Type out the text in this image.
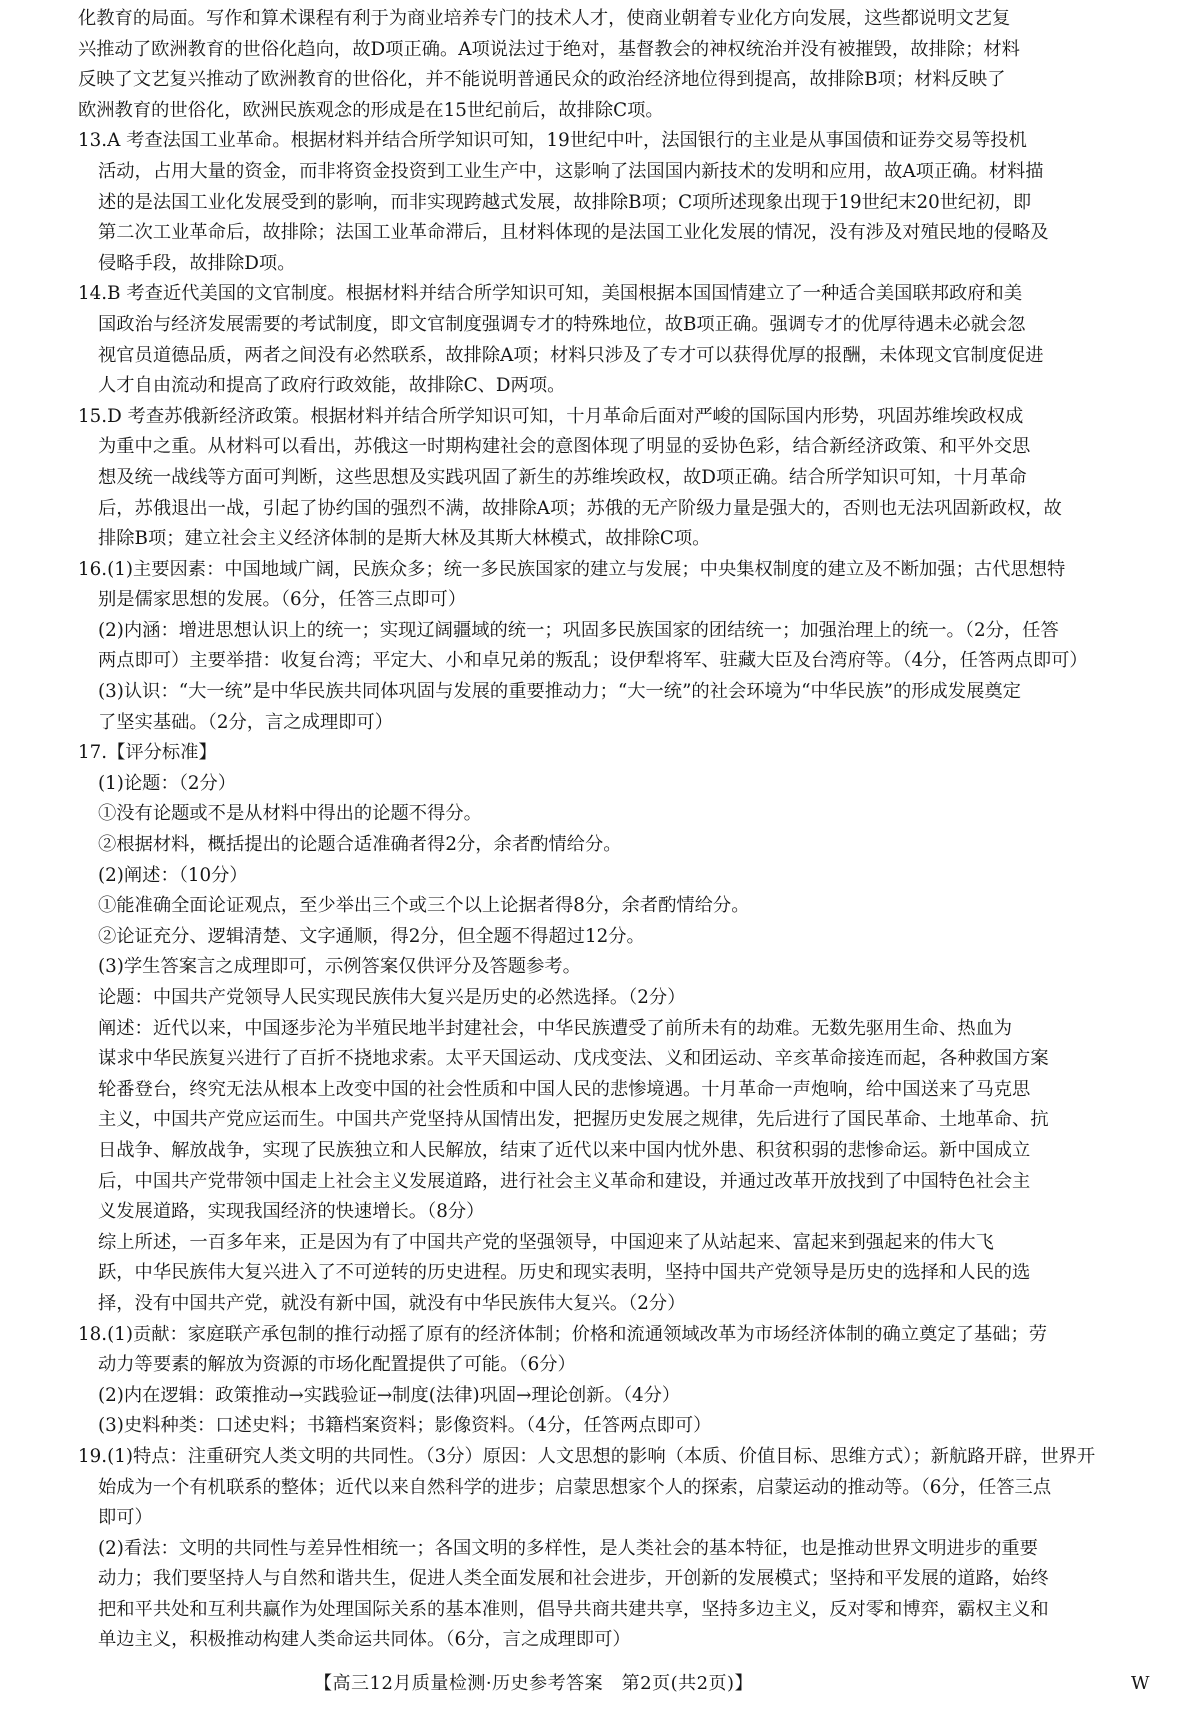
化教育的局面。写作和算术课程有利于为商业培养专门的技术人才，使商业朝着专业化方向发展，这些都说明文艺复
兴推动了欧洲教育的世俗化趋向，故D项正确。A项说法过于绝对，基督教会的神权统治并没有被摧毁，故排除；材料
反映了文艺复兴推动了欧洲教育的世俗化，并不能说明普通民众的政治经济地位得到提高，故排除B项；材料反映了
欧洲教育的世俗化，欧洲民族观念的形成是在15世纪前后，故排除C项。
13.A 考查法国工业革命。根据材料并结合所学知识可知，19世纪中叶，法国银行的主业是从事国债和证券交易等投机
活动，占用大量的资金，而非将资金投资到工业生产中，这影响了法国国内新技术的发明和应用，故A项正确。材料描
述的是法国工业化发展受到的影响，而非实现跨越式发展，故排除B项；C项所述现象出现于19世纪末20世纪初，即
第二次工业革命后，故排除；法国工业革命滞后，且材料体现的是法国工业化发展的情况，没有涉及对殖民地的侵略及
侵略手段，故排除D项。
14.B 考查近代美国的文官制度。根据材料并结合所学知识可知，美国根据本国国情建立了一种适合美国联邦政府和美
国政治与经济发展需要的考试制度，即文官制度强调专才的特殊地位，故B项正确。强调专才的优厚待遇未必就会忽
视官员道德品质，两者之间没有必然联系，故排除A项；材料只涉及了专才可以获得优厚的报酬，未体现文官制度促进
人才自由流动和提高了政府行政效能，故排除C、D两项。
15.D 考查苏俄新经济政策。根据材料并结合所学知识可知，十月革命后面对严峻的国际国内形势，巩固苏维埃政权成
为重中之重。从材料可以看出，苏俄这一时期构建社会的意图体现了明显的妥协色彩，结合新经济政策、和平外交思
想及统一战线等方面可判断，这些思想及实践巩固了新生的苏维埃政权，故D项正确。结合所学知识可知，十月革命
后，苏俄退出一战，引起了协约国的强烈不满，故排除A项；苏俄的无产阶级力量是强大的，否则也无法巩固新政权，故
排除B项；建立社会主义经济体制的是斯大林及其斯大林模式，故排除C项。
16.(1)主要因素：中国地域广阔，民族众多；统一多民族国家的建立与发展；中央集权制度的建立及不断加强；古代思想特
别是儒家思想的发展。（6分，任答三点即可）
(2)内涵：增进思想认识上的统一；实现辽阔疆域的统一；巩固多民族国家的团结统一；加强治理上的统一。（2分，任答
两点即可）主要举措：收复台湾；平定大、小和卓兄弟的叛乱；设伊犁将军、驻藏大臣及台湾府等。（4分，任答两点即可）
(3)认识：“大一统”是中华民族共同体巩固与发展的重要推动力；“大一统”的社会环境为“中华民族”的形成发展奠定
了坚实基础。（2分，言之成理即可）
17.【评分标准】
(1)论题：（2分）
①没有论题或不是从材料中得出的论题不得分。
②根据材料，概括提出的论题合适准确者得2分，余者酌情给分。
(2)阐述：（10分）
①能准确全面论证观点，至少举出三个或三个以上论据者得8分，余者酌情给分。
②论证充分、逻辑清楚、文字通顺，得2分，但全题不得超过12分。
(3)学生答案言之成理即可，示例答案仅供评分及答题参考。
论题：中国共产党领导人民实现民族伟大复兴是历史的必然选择。（2分）
阐述：近代以来，中国逐步沦为半殖民地半封建社会，中华民族遭受了前所未有的劫难。无数先驱用生命、热血为
谋求中华民族复兴进行了百折不挠地求索。太平天国运动、戊戌变法、义和团运动、辛亥革命接连而起，各种救国方案
轮番登台，终究无法从根本上改变中国的社会性质和中国人民的悲惨境遇。十月革命一声炮响，给中国送来了马克思
主义，中国共产党应运而生。中国共产党坚持从国情出发，把握历史发展之规律，先后进行了国民革命、土地革命、抗
日战争、解放战争，实现了民族独立和人民解放，结束了近代以来中国内忧外患、积贫积弱的悲惨命运。新中国成立
后，中国共产党带领中国走上社会主义发展道路，进行社会主义革命和建设，并通过改革开放找到了中国特色社会主
义发展道路，实现我国经济的快速增长。（8分）
综上所述，一百多年来，正是因为有了中国共产党的坚强领导，中国迎来了从站起来、富起来到强起来的伟大飞
跃，中华民族伟大复兴进入了不可逆转的历史进程。历史和现实表明，坚持中国共产党领导是历史的选择和人民的选
择，没有中国共产党，就没有新中国，就没有中华民族伟大复兴。（2分）
18.(1)贡献：家庭联产承包制的推行动摇了原有的经济体制；价格和流通领域改革为市场经济体制的确立奠定了基础；劳
动力等要素的解放为资源的市场化配置提供了可能。（6分）
(2)内在逻辑：政策推动→实践验证→制度(法律)巩固→理论创新。（4分）
(3)史料种类：口述史料；书籍档案资料；影像资料。（4分，任答两点即可）
19.(1)特点：注重研究人类文明的共同性。（3分）原因：人文思想的影响（本质、价值目标、思维方式）；新航路开辟，世界开
始成为一个有机联系的整体；近代以来自然科学的进步；启蒙思想家个人的探索，启蒙运动的推动等。（6分，任答三点
即可）
(2)看法：文明的共同性与差异性相统一；各国文明的多样性，是人类社会的基本特征，也是推动世界文明进步的重要
动力；我们要坚持人与自然和谐共生，促进人类全面发展和社会进步，开创新的发展模式；坚持和平发展的道路，始终
把和平共处和互利共赢作为处理国际关系的基本准则，倡导共商共建共享，坚持多边主义，反对零和博弈，霸权主义和
单边主义，积极推动构建人类命运共同体。（6分，言之成理即可）
【高三12月质量检测·历史参考答案　第2页(共2页)】	W
